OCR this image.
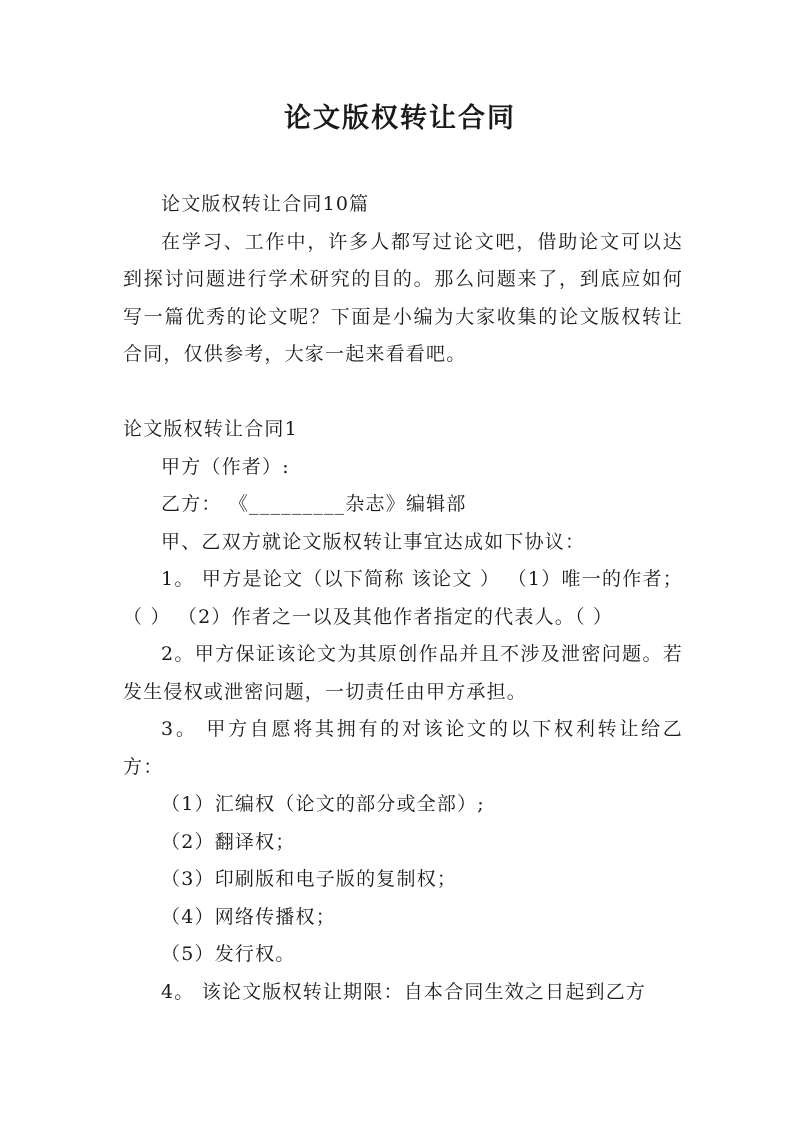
论文版权转让合同

论文版权转让合同10篇

在学习、工作中，许多人都写过论文吧，借助论文可以达到探讨问题进行学术研究的目的。那么问题来了，到底应如何写一篇优秀的论文呢？下面是小编为大家收集的论文版权转让合同，仅供参考，大家一起来看看吧。

论文版权转让合同1

甲方（作者）:

乙方： 《_________杂志》编辑部

甲、乙双方就论文版权转让事宜达成如下协议：

1。 甲方是论文（以下简称 该论文 ） （1）唯一的作者；（ ） （2）作者之一以及其他作者指定的代表人。（ ）

2。甲方保证该论文为其原创作品并且不涉及泄密问题。若发生侵权或泄密问题，一切责任由甲方承担。

3。 甲方自愿将其拥有的对该论文的以下权利转让给乙方：

（1）汇编权（论文的部分或全部）;

（2）翻译权；

（3）印刷版和电子版的复制权；

（4）网络传播权；

（5）发行权。

4。 该论文版权转让期限：自本合同生效之日起到乙方
